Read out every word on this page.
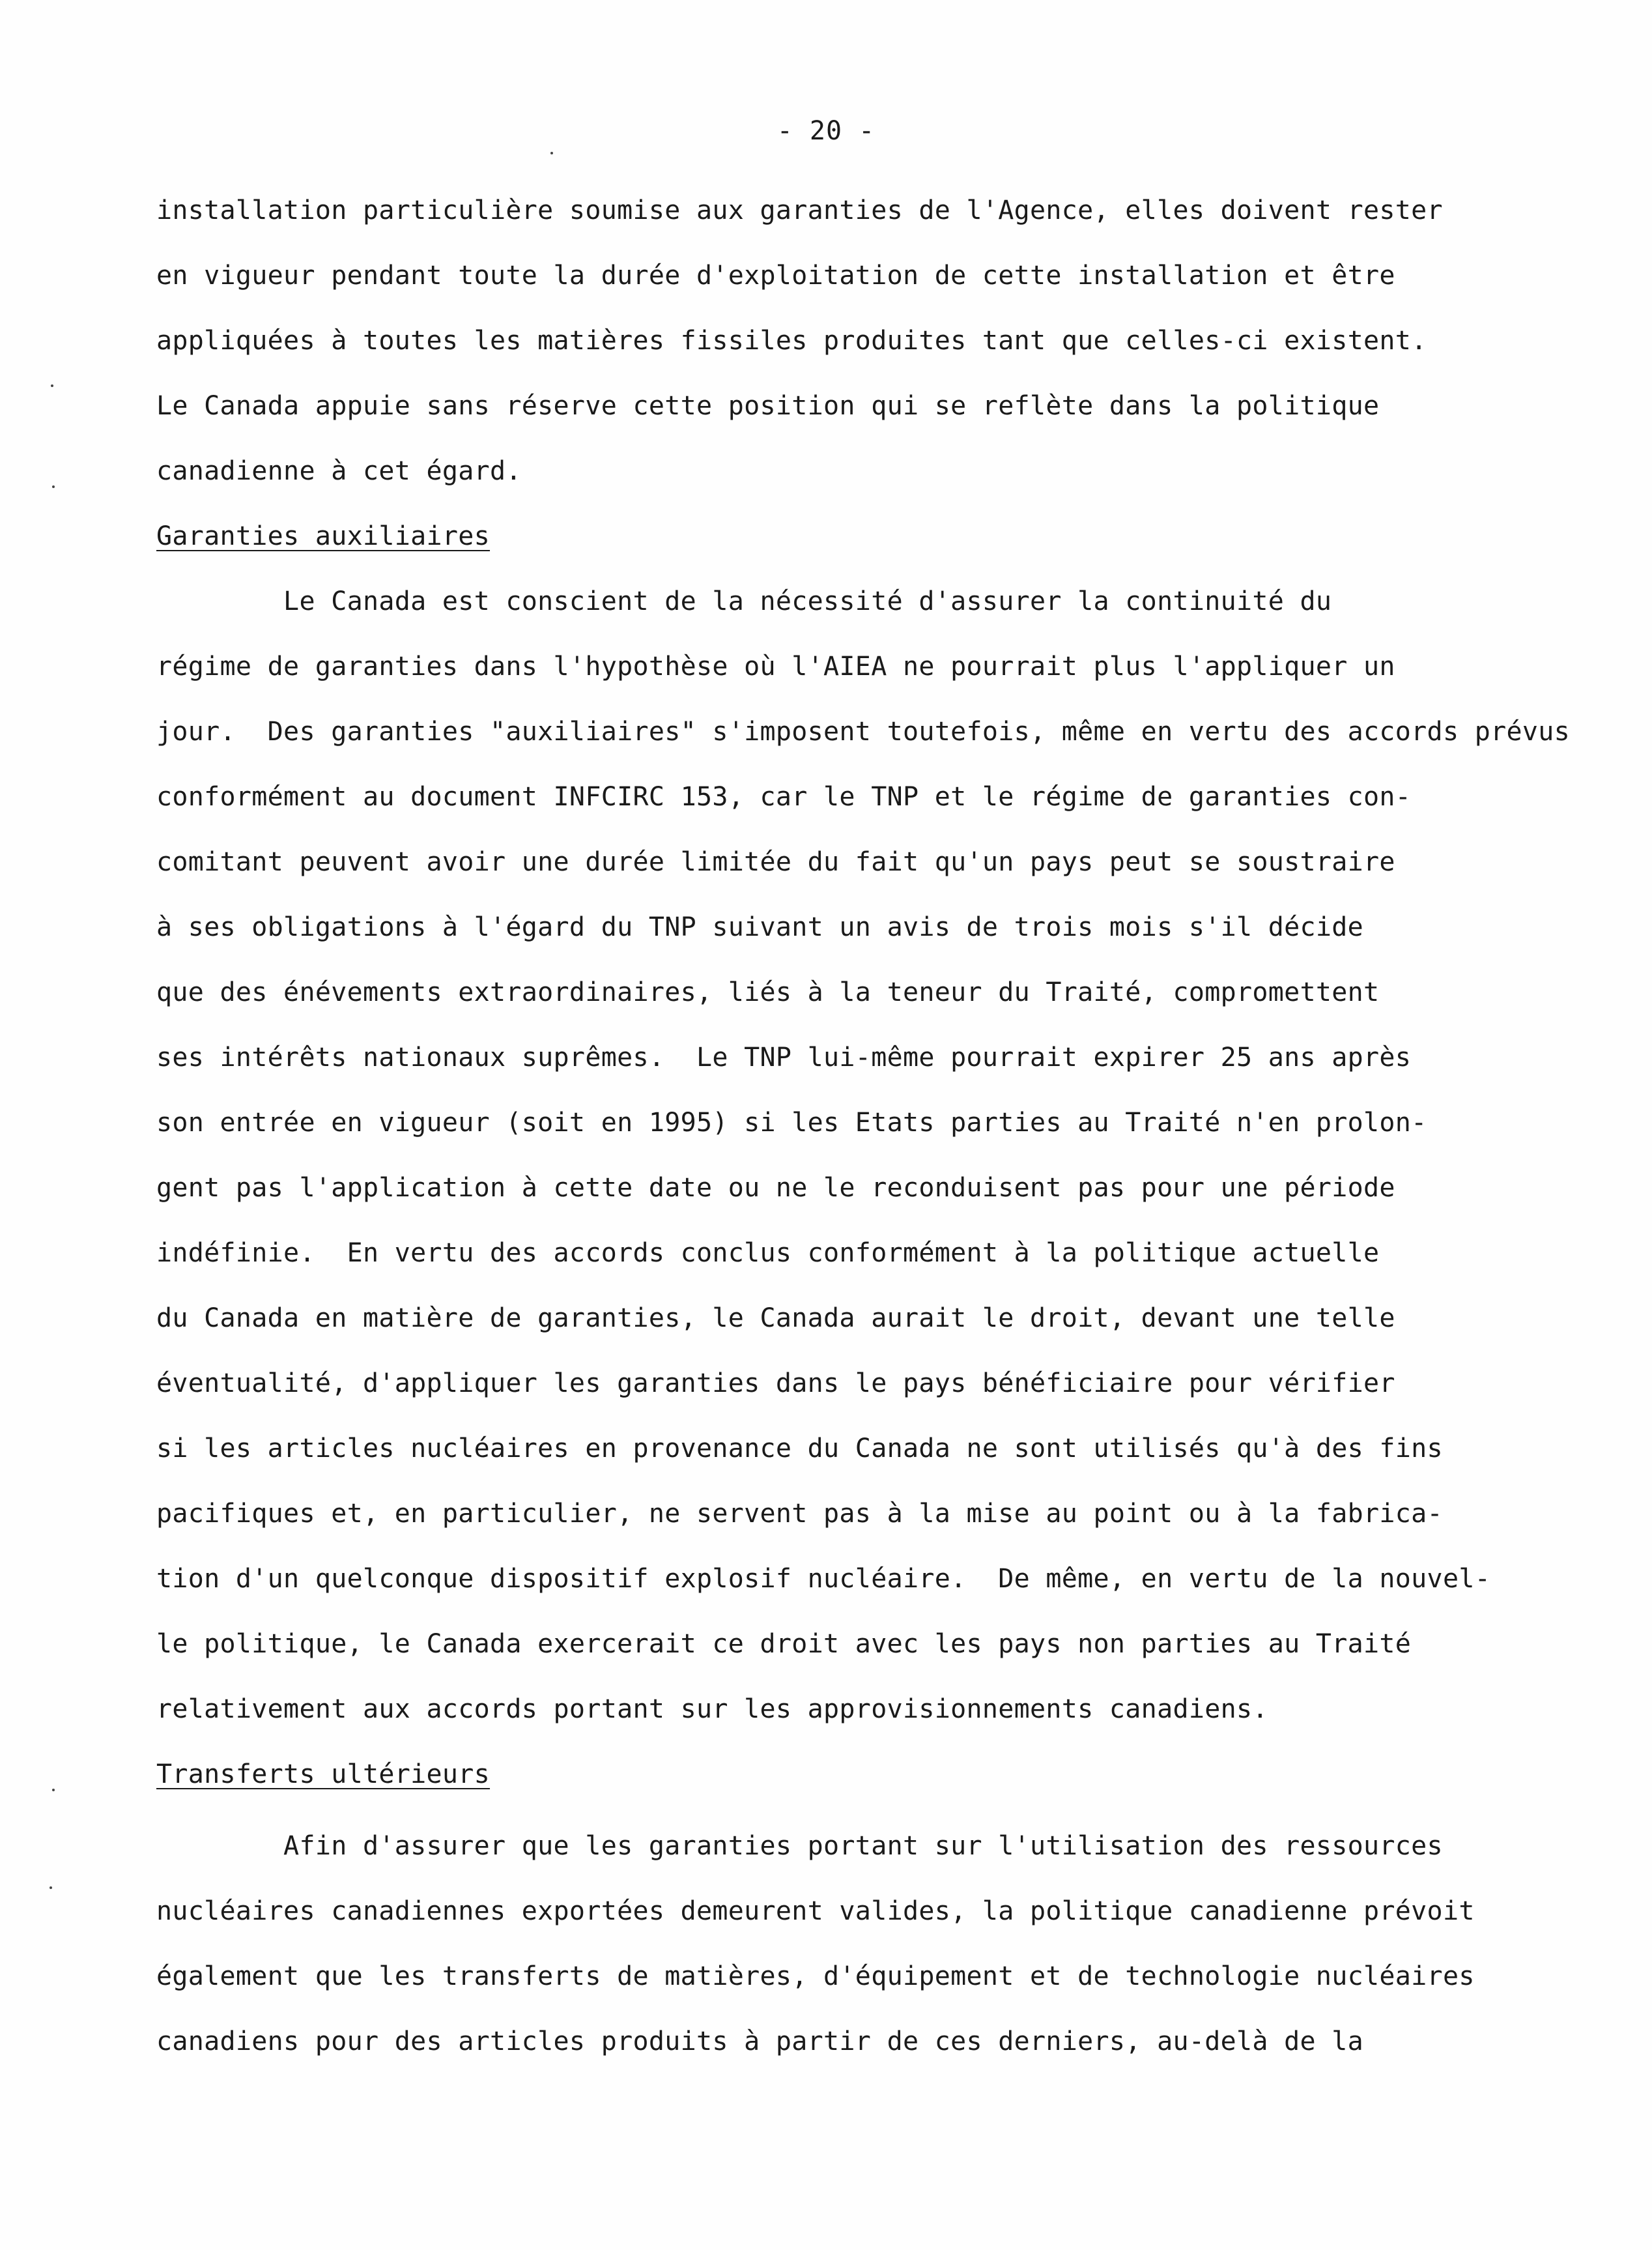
- 20 -
installation particulière soumise aux garanties de l'Agence, elles doivent rester
en vigueur pendant toute la durée d'exploitation de cette installation et être
appliquées à toutes les matières fissiles produites tant que celles-ci existent.
Le Canada appuie sans réserve cette position qui se reflète dans la politique
canadienne à cet égard.
Garanties auxiliaires
Le Canada est conscient de la nécessité d'assurer la continuité du
régime de garanties dans l'hypothèse où l'AIEA ne pourrait plus l'appliquer un
jour.  Des garanties "auxiliaires" s'imposent toutefois, même en vertu des accords prévus
conformément au document INFCIRC 153, car le TNP et le régime de garanties con-
comitant peuvent avoir une durée limitée du fait qu'un pays peut se soustraire
à ses obligations à l'égard du TNP suivant un avis de trois mois s'il décide
que des énévements extraordinaires, liés à la teneur du Traité, compromettent
ses intérêts nationaux suprêmes.  Le TNP lui-même pourrait expirer 25 ans après
son entrée en vigueur (soit en 1995) si les Etats parties au Traité n'en prolon-
gent pas l'application à cette date ou ne le reconduisent pas pour une période
indéfinie.  En vertu des accords conclus conformément à la politique actuelle
du Canada en matière de garanties, le Canada aurait le droit, devant une telle
éventualité, d'appliquer les garanties dans le pays bénéficiaire pour vérifier
si les articles nucléaires en provenance du Canada ne sont utilisés qu'à des fins
pacifiques et, en particulier, ne servent pas à la mise au point ou à la fabrica-
tion d'un quelconque dispositif explosif nucléaire.  De même, en vertu de la nouvel-
le politique, le Canada exercerait ce droit avec les pays non parties au Traité
relativement aux accords portant sur les approvisionnements canadiens.
Transferts ultérieurs
Afin d'assurer que les garanties portant sur l'utilisation des ressources
nucléaires canadiennes exportées demeurent valides, la politique canadienne prévoit
également que les transferts de matières, d'équipement et de technologie nucléaires
canadiens pour des articles produits à partir de ces derniers, au-delà de la
